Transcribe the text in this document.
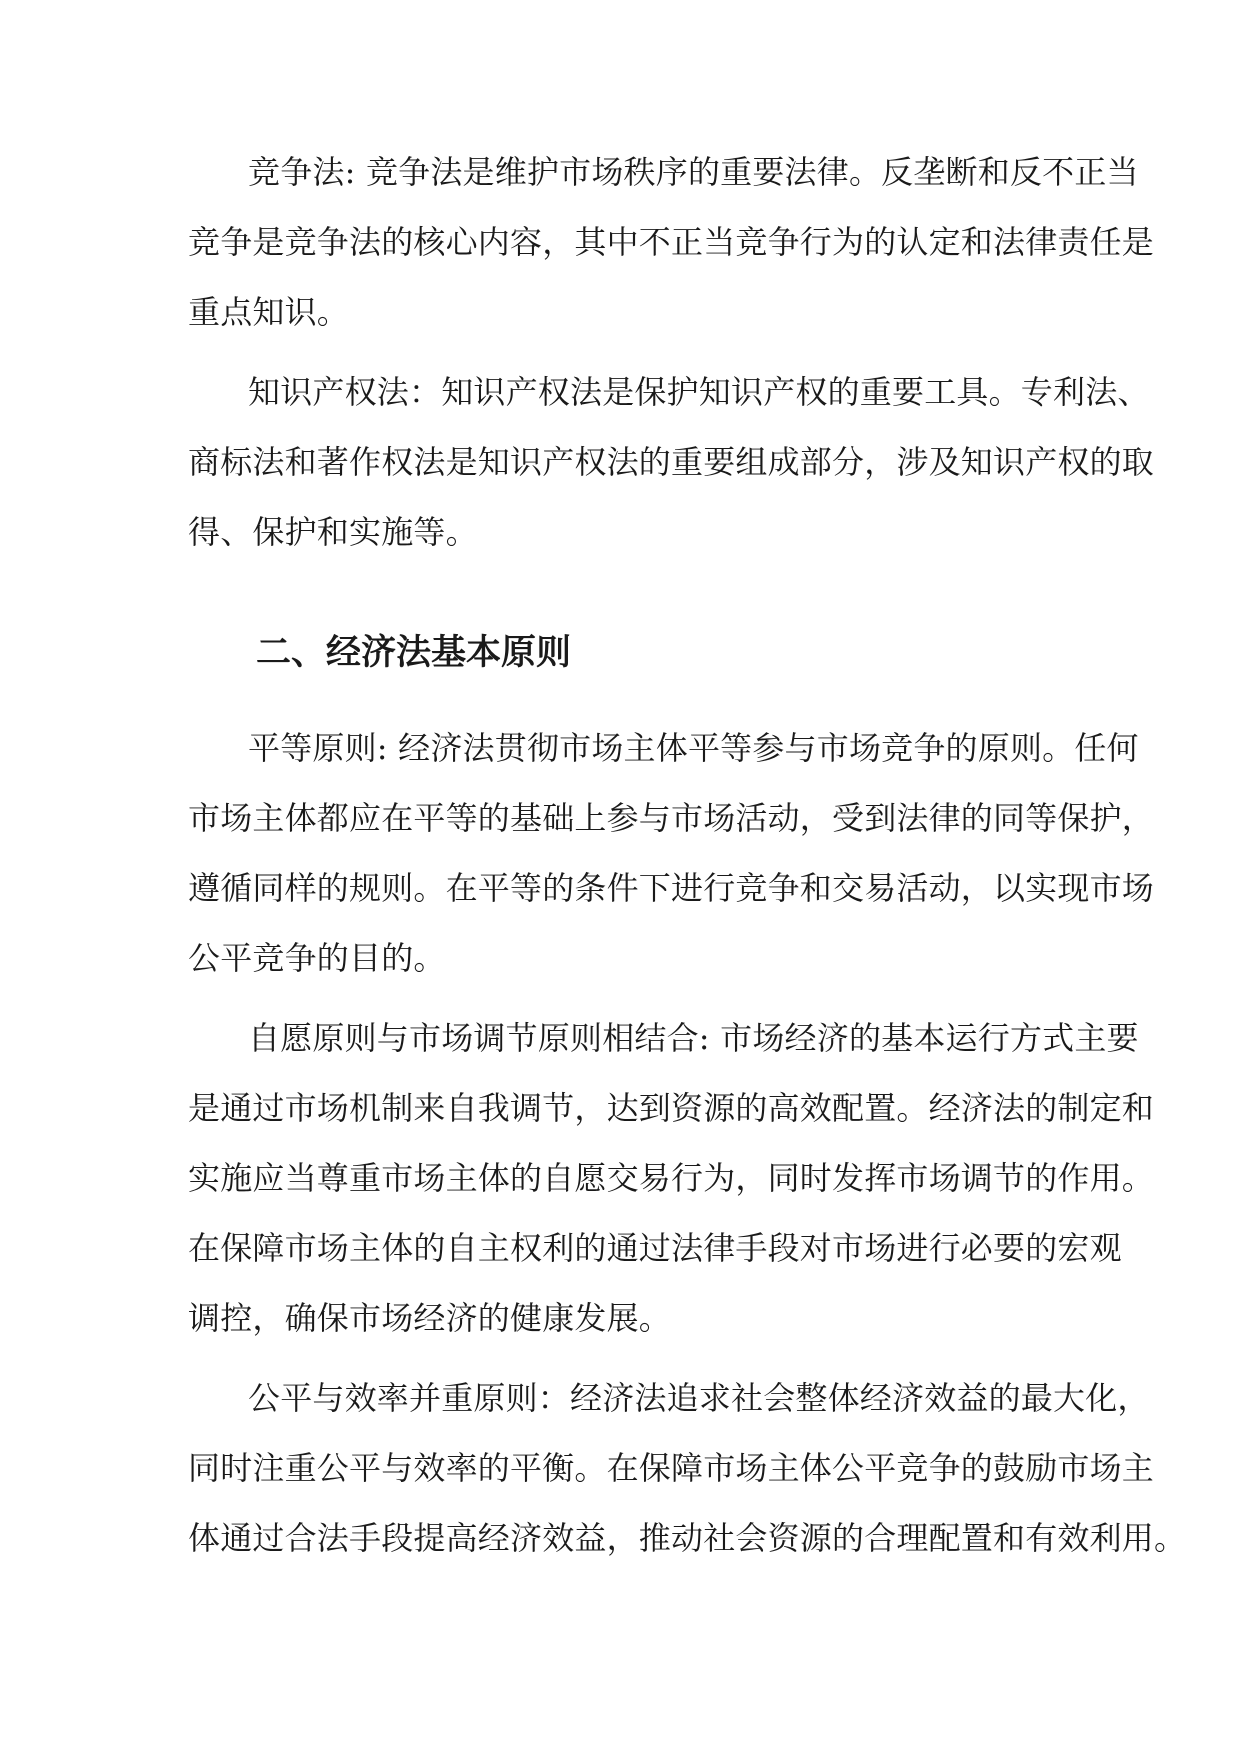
竞争法: 竞争法是维护市场秩序的重要法律。反垄断和反不正当
竞争是竞争法的核心内容，其中不正当竞争行为的认定和法律责任是
重点知识。
知识产权法：知识产权法是保护知识产权的重要工具。专利法、
商标法和著作权法是知识产权法的重要组成部分，涉及知识产权的取
得、保护和实施等。
二、经济法基本原则
平等原则: 经济法贯彻市场主体平等参与市场竞争的原则。任何
市场主体都应在平等的基础上参与市场活动，受到法律的同等保护，
遵循同样的规则。在平等的条件下进行竞争和交易活动，以实现市场
公平竞争的目的。
自愿原则与市场调节原则相结合: 市场经济的基本运行方式主要
是通过市场机制来自我调节，达到资源的高效配置。经济法的制定和
实施应当尊重市场主体的自愿交易行为，同时发挥市场调节的作用。
在保障市场主体的自主权利的通过法律手段对市场进行必要的宏观
调控，确保市场经济的健康发展。
公平与效率并重原则：经济法追求社会整体经济效益的最大化，
同时注重公平与效率的平衡。在保障市场主体公平竞争的鼓励市场主
体通过合法手段提高经济效益，推动社会资源的合理配置和有效利用。
